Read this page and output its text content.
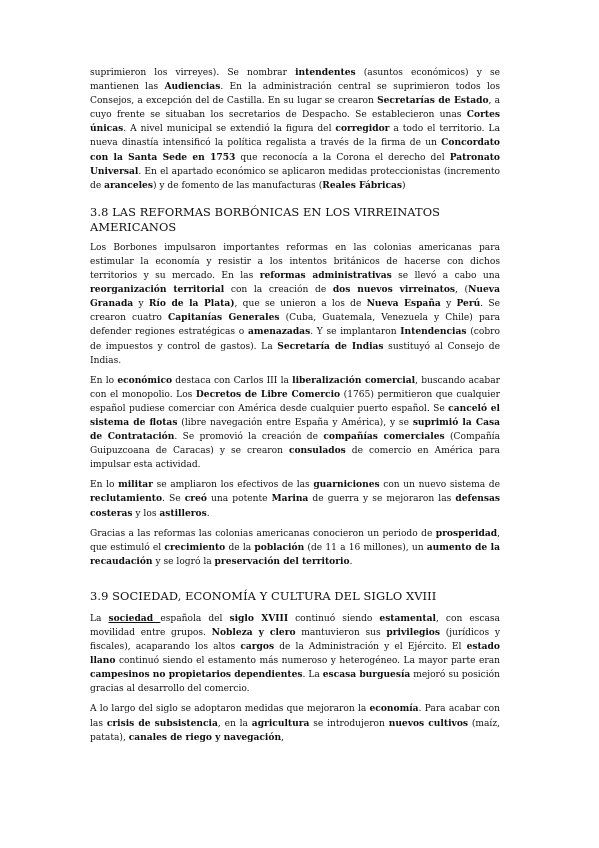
suprimieron los virreyes). Se nombrar intendentes (asuntos económicos) y se mantienen las Audiencias. En la administración central se suprimieron todos los Consejos, a excepción del de Castilla. En su lugar se crearon Secretarías de Estado, a cuyo frente se situaban los secretarios de Despacho. Se establecieron unas Cortes únicas. A nivel municipal se extendió la figura del corregidor a todo el territorio. La nueva dinastía intensificó la política regalista a través de la firma de un Concordato con la Santa Sede en 1753 que reconocía a la Corona el derecho del Patronato Universal. En el apartado económico se aplicaron medidas proteccionistas (incremento de aranceles) y de fomento de las manufacturas (Reales Fábricas)

3.8 LAS REFORMAS BORBÓNICAS EN LOS VIRREINATOS AMERICANOS

Los Borbones impulsaron importantes reformas en las colonias americanas para estimular la economía y resistir a los intentos británicos de hacerse con dichos territorios y su mercado. En las reformas administrativas se llevó a cabo una reorganización territorial con la creación de dos nuevos virreinatos, (Nueva Granada y Río de la Plata), que se unieron a los de Nueva España y Perú. Se crearon cuatro Capitanías Generales (Cuba, Guatemala, Venezuela y Chile) para defender regiones estratégicas o amenazadas. Y se implantaron Intendencias (cobro de impuestos y control de gastos). La Secretaría de Indias sustituyó al Consejo de Indias.

En lo económico destaca con Carlos III la liberalización comercial, buscando acabar con el monopolio. Los Decretos de Libre Comercio (1765) permitieron que cualquier español pudiese comerciar con América desde cualquier puerto español. Se canceló el sistema de flotas (libre navegación entre España y América), y se suprimió la Casa de Contratación. Se promovió la creación de compañías comerciales (Compañía Guipuzcoana de Caracas) y se crearon consulados de comercio en América para impulsar esta actividad.

En lo militar se ampliaron los efectivos de las guarniciones con un nuevo sistema de reclutamiento. Se creó una potente Marina de guerra y se mejoraron las defensas costeras y los astilleros.

Gracias a las reformas las colonias americanas conocieron un periodo de prosperidad, que estimuló el crecimiento de la población (de 11 a 16 millones), un aumento de la recaudación y se logró la preservación del territorio.

3.9 SOCIEDAD, ECONOMÍA Y CULTURA DEL SIGLO XVIII

La sociedad española del siglo XVIII continuó siendo estamental, con escasa movilidad entre grupos. Nobleza y clero mantuvieron sus privilegios (jurídicos y fiscales), acaparando los altos cargos de la Administración y el Ejército. El estado llano continuó siendo el estamento más numeroso y heterogéneo. La mayor parte eran campesinos no propietarios dependientes. La escasa burguesía mejoró su posición gracias al desarrollo del comercio.

A lo largo del siglo se adoptaron medidas que mejoraron la economía. Para acabar con las crisis de subsistencia, en la agricultura se introdujeron nuevos cultivos (maíz, patata), canales de riego y navegación,
